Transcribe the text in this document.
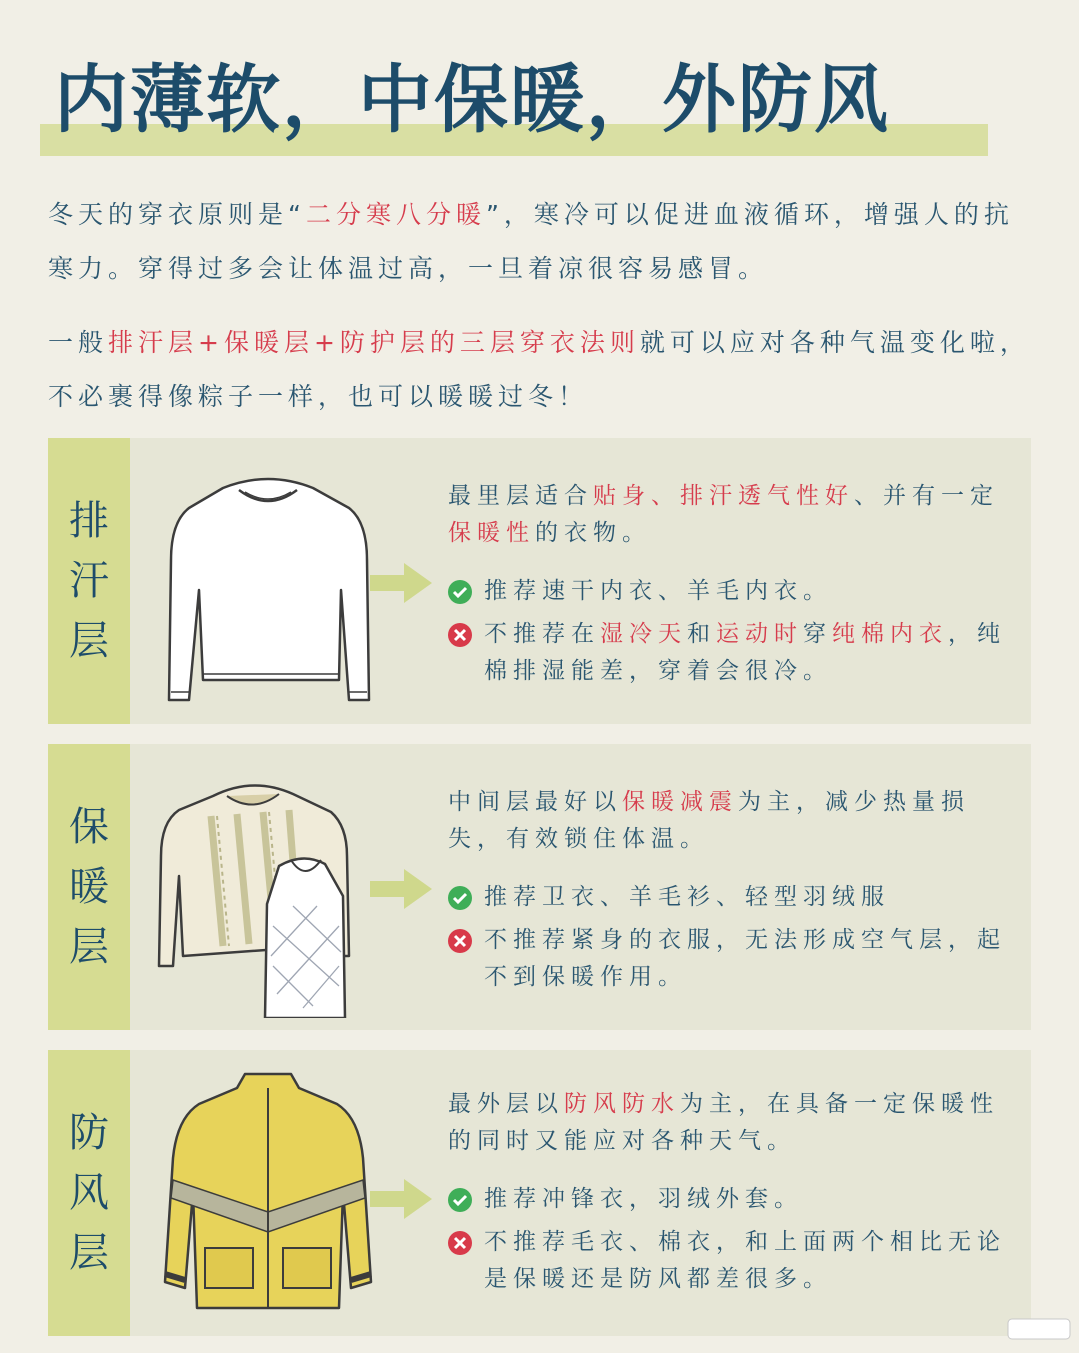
内薄软，中保暖，外防风
冬天的穿衣原则是“二分寒八分暖”，寒冷可以促进血液循环，增强人的抗寒力。穿得过多会让体温过高，一旦着凉很容易感冒。
一般排汗层+保暖层+防护层的三层穿衣法则就可以应对各种气温变化啦，不必裹得像粽子一样，也可以暖暖过冬！
排
汗
层
最里层适合贴身、排汗透气性好、并有一定保暖性的衣物。
推荐速干内衣、羊毛内衣。
不推荐在湿冷天和运动时穿纯棉内衣，纯棉排湿能差，穿着会很冷。
保
暖
层
中间层最好以保暖减震为主，减少热量损失，有效锁住体温。
推荐卫衣、羊毛衫、轻型羽绒服
不推荐紧身的衣服，无法形成空气层，起不到保暖作用。
防
风
层
最外层以防风防水为主，在具备一定保暖性的同时又能应对各种天气。
推荐冲锋衣，羽绒外套。
不推荐毛衣、棉衣，和上面两个相比无论是保暖还是防风都差很多。
